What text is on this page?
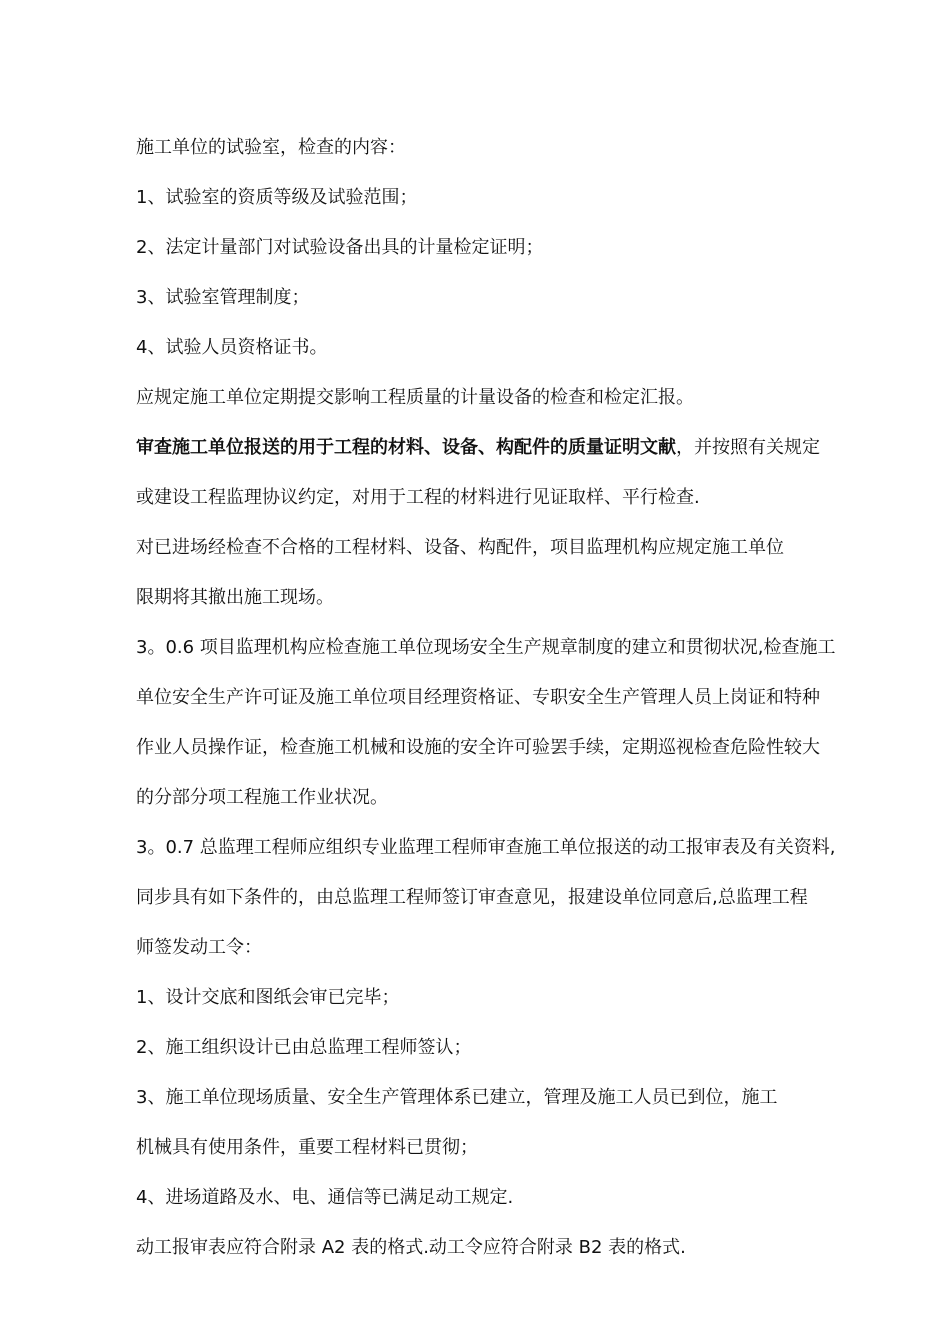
施工单位的试验室，检查的内容：
1、试验室的资质等级及试验范围；
2、法定计量部门对试验设备出具的计量检定证明；
3、试验室管理制度；
4、试验人员资格证书。
应规定施工单位定期提交影响工程质量的计量设备的检查和检定汇报。
审查施工单位报送的用于工程的材料、设备、构配件的质量证明文献，并按照有关规定
或建设工程监理协议约定，对用于工程的材料进行见证取样、平行检查.
对已进场经检查不合格的工程材料、设备、构配件，项目监理机构应规定施工单位
限期将其撤出施工现场。
3。0.6 项目监理机构应检查施工单位现场安全生产规章制度的建立和贯彻状况,检查施工
单位安全生产许可证及施工单位项目经理资格证、专职安全生产管理人员上岗证和特种
作业人员操作证，检查施工机械和设施的安全许可验罢手续，定期巡视检查危险性较大
的分部分项工程施工作业状况。
3。0.7 总监理工程师应组织专业监理工程师审查施工单位报送的动工报审表及有关资料,
同步具有如下条件的，由总监理工程师签订审查意见，报建设单位同意后,总监理工程
师签发动工令：
1、设计交底和图纸会审已完毕；
2、施工组织设计已由总监理工程师签认；
3、施工单位现场质量、安全生产管理体系已建立，管理及施工人员已到位，施工
机械具有使用条件，重要工程材料已贯彻；
4、进场道路及水、电、通信等已满足动工规定.
动工报审表应符合附录 A2 表的格式.动工令应符合附录 B2 表的格式.
